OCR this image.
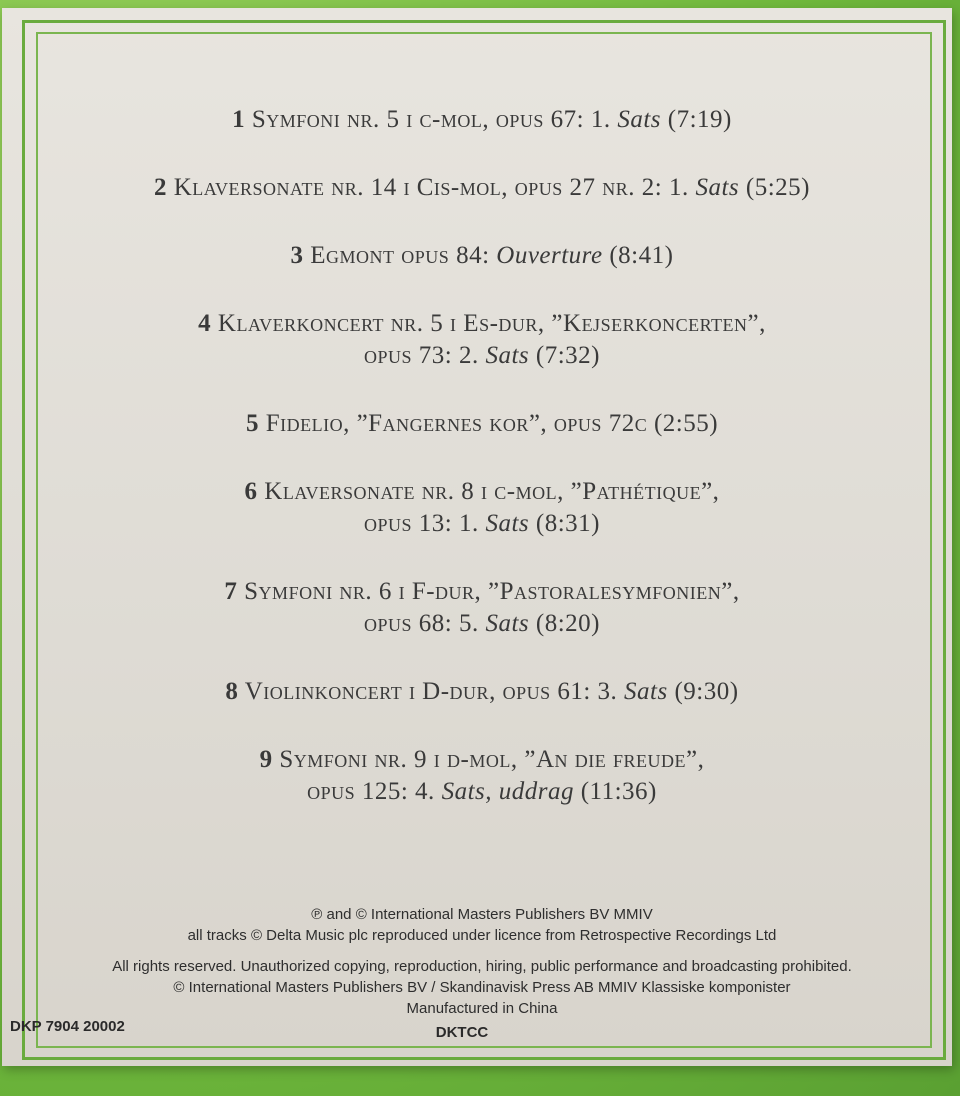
1 Symfoni nr. 5 i c-mol, opus 67: 1. Sats (7:19)
2 Klaversonate nr. 14 i Cis-mol, opus 27 nr. 2: 1. Sats (5:25)
3 Egmont opus 84: Ouverture (8:41)
4 Klaverkoncert nr. 5 i Es-dur, ”Kejserkoncerten”,
opus 73: 2. Sats (7:32)
5 Fidelio, ”Fangernes kor”, opus 72c (2:55)
6 Klaversonate nr. 8 i c-mol, ”Pathétique”,
opus 13: 1. Sats (8:31)
7 Symfoni nr. 6 i F-dur, ”Pastoralesymfonien”,
opus 68: 5. Sats (8:20)
8 Violinkoncert i D-dur, opus 61: 3. Sats (9:30)
9 Symfoni nr. 9 i d-mol, ”An die freude”,
opus 125: 4. Sats, uddrag (11:36)
℗ and © International Masters Publishers BV MMIV
all tracks © Delta Music plc reproduced under licence from Retrospective Recordings Ltd
All rights reserved. Unauthorized copying, reproduction, hiring, public performance and broadcasting prohibited.
© International Masters Publishers BV / Skandinavisk Press AB MMIV Klassiske komponister
Manufactured in China
DKP 7904 20002	DKTCC
